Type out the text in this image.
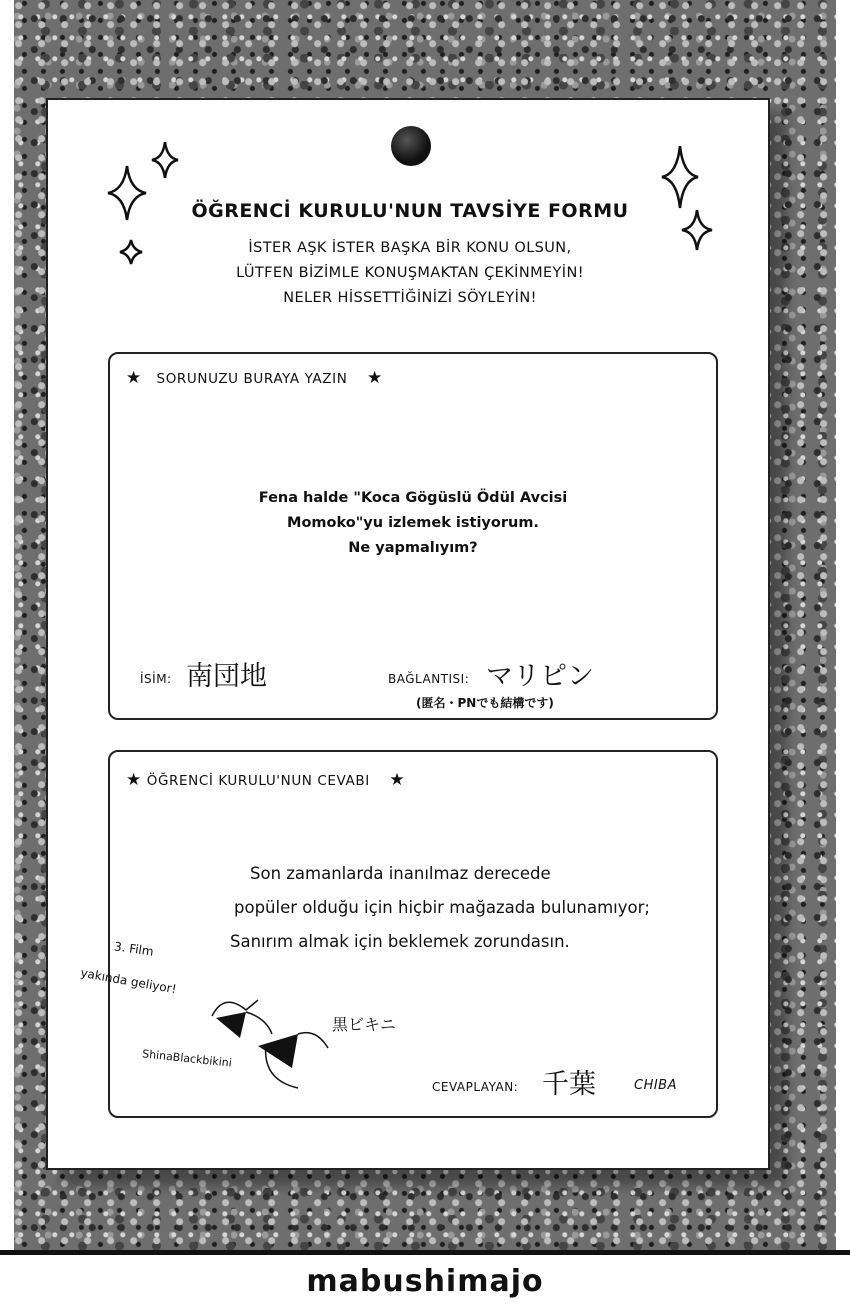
ÖĞRENCİ KURULU'NUN TAVSİYE FORMU
İSTER AŞK İSTER BAŞKA BİR KONU OLSUN,
LÜTFEN BİZİMLE KONUŞMAKTAN ÇEKİNMEYİN!
NELER HİSSETTİĞİNİZİ SÖYLEYİN!
★ SORUNUZU BURAYA YAZIN ★
Fena halde "Koca Gögüslü Ödül Avcisi
Momoko"yu izlemek istiyorum.
Ne yapmalıyım?
İSİM: 南団地	BAĞLANTISI: マリピン
(匿名・PNでも結構です)
★ ÖĞRENCİ KURULU'NUN CEVABI ★
Son zamanlarda inanılmaz derecede
popüler olduğu için hiçbir mağazada bulunamıyor;
Sanırım almak için beklemek zorundasın.
3. Film
yakında geliyor!
ShinaBlackbikini
黒ビキニ
CEVAPLAYAN: 千葉	CHIBA
mabushimajo
